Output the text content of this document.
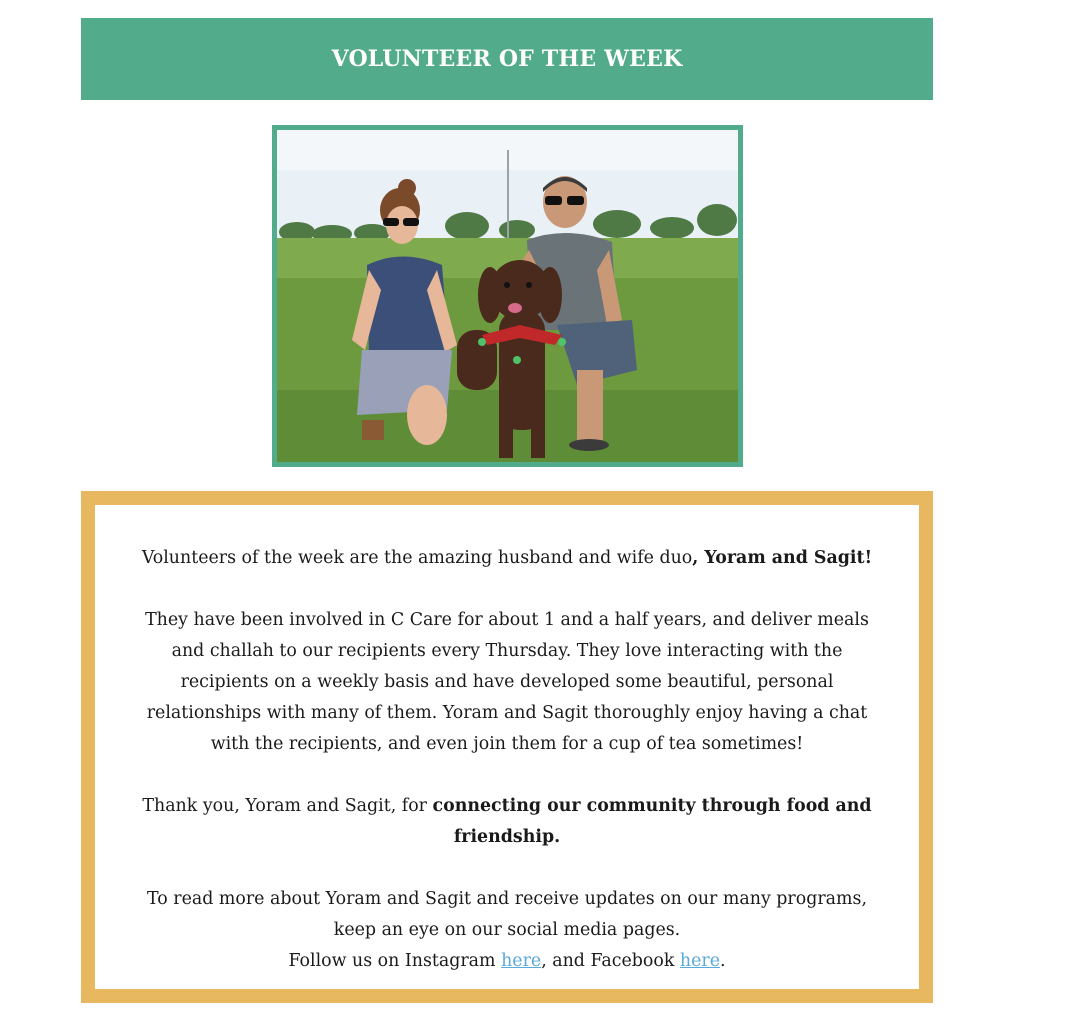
VOLUNTEER OF THE WEEK

Volunteers of the week are the amazing husband and wife duo, Yoram and Sagit!

They have been involved in C Care for about 1 and a half years, and deliver meals and challah to our recipients every Thursday. They love interacting with the recipients on a weekly basis and have developed some beautiful, personal relationships with many of them. Yoram and Sagit thoroughly enjoy having a chat with the recipients, and even join them for a cup of tea sometimes!

Thank you, Yoram and Sagit, for connecting our community through food and friendship.

To read more about Yoram and Sagit and receive updates on our many programs, keep an eye on our social media pages.

Follow us on Instagram here, and Facebook here.
